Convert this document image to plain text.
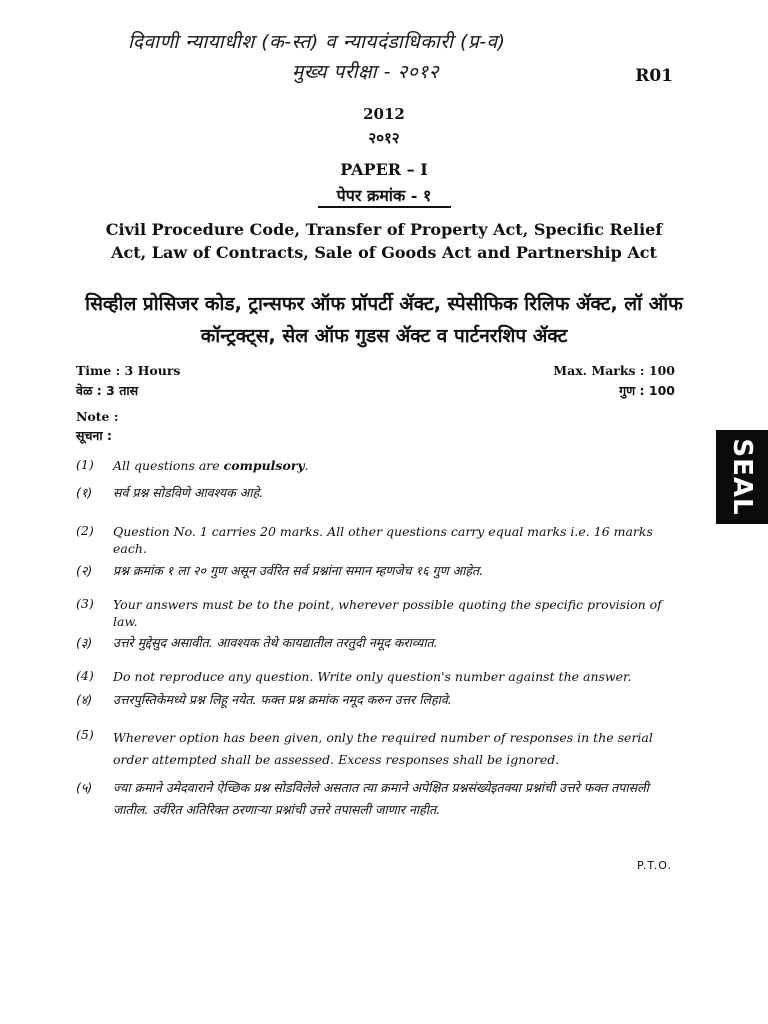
दिवाणी न्यायाधीश (क-स्त) व न्यायदंडाधिकारी (प्र-व)
मुख्य परीक्षा - २०१२	R01
2012
२०१२
PAPER – I
पेपर क्रमांक - १
Civil Procedure Code, Transfer of Property Act, Specific Relief Act, Law of Contracts, Sale of Goods Act and Partnership Act
सिव्हील प्रोसिजर कोड, ट्रान्सफर ऑफ प्रॉपर्टी ॲक्ट, स्पेसीफिक रिलिफ ॲक्ट, लॉ ऑफ कॉन्ट्रक्ट्स, सेल ऑफ गुडस ॲक्ट व पार्टनरशिप ॲक्ट
Time : 3 Hours
वेळ : 3 तास
Max. Marks : 100
गुण : 100
Note :
सूचना :
(1) All questions are compulsory.
(१) सर्व प्रश्न सोडविणे आवश्यक आहे.
(2) Question No. 1 carries 20 marks. All other questions carry equal marks i.e. 16 marks each.
(२) प्रश्न क्रमांक १ ला २० गुण असून उर्वरित सर्व प्रश्नांना समान म्हणजेच १६ गुण आहेत.
(3) Your answers must be to the point, wherever possible quoting the specific provision of law.
(३) उत्तरे मुद्देसुद असावीत. आवश्यक तेथे कायद्यातील तरतुदी नमूद कराव्यात.
(4) Do not reproduce any question. Write only question's number against the answer.
(४) उत्तरपुस्तिकेमध्ये प्रश्न लिहू नयेत. फक्त प्रश्न क्रमांक नमूद करुन उत्तर लिहावे.
(5) Wherever option has been given, only the required number of responses in the serial order attempted shall be assessed. Excess responses shall be ignored.
(५) ज्या क्रमाने उमेदवाराने ऐच्छिक प्रश्न सोडविलेले असतात त्या क्रमाने अपेक्षित प्रश्नसंख्येइतक्या प्रश्नांची उत्तरे फक्त तपासली जातील. उर्वरित अतिरिक्त ठरणाऱ्या प्रश्नांची उत्तरे तपासली जाणार नाहीत.
P.T.O.
SEAL
